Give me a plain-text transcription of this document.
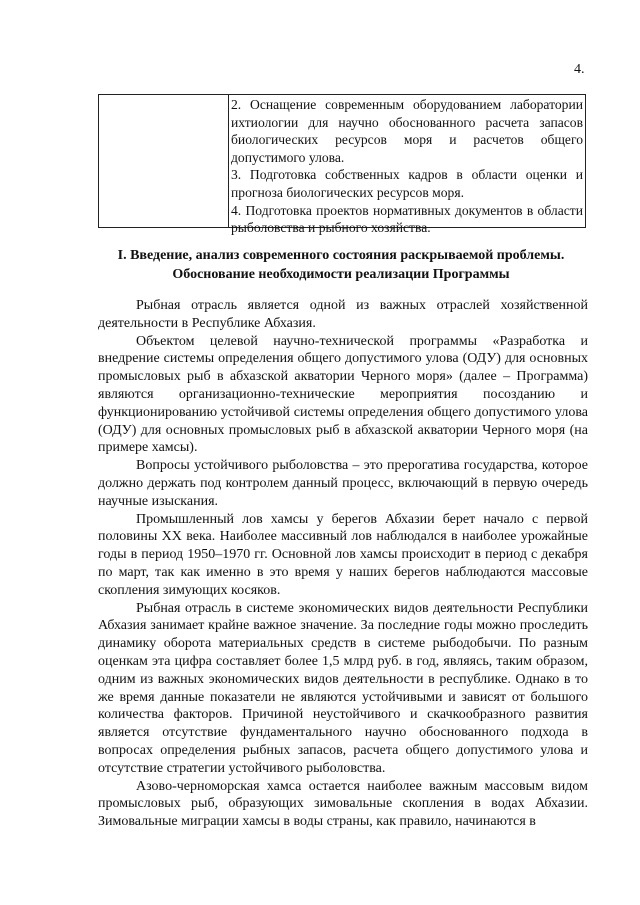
4.

2. Оснащение современным оборудованием лаборатории ихтиологии для научно обоснованного расчета запасов биологических ресурсов моря и расчетов общего допустимого улова.

3. Подготовка собственных кадров в области оценки и прогноза биологических ресурсов моря.

4. Подготовка проектов нормативных документов в области рыболовства и рыбного хозяйства.

I. Введение, анализ современного состояния раскрываемой проблемы.
Обоснование необходимости реализации Программы

Рыбная отрасль является одной из важных отраслей хозяйственной деятельности в Республике Абхазия.

Объектом целевой научно-технической программы «Разработка и внедрение системы определения общего допустимого улова (ОДУ) для основных промысловых рыб в абхазской акватории Черного моря» (далее – Программа) являются организационно-технические мероприятия посозданию и функционированию устойчивой системы определения общего допустимого улова (ОДУ) для основных промысловых рыб в абхазской акватории Черного моря (на примере хамсы).

Вопросы устойчивого рыболовства – это прерогатива государства, которое должно держать под контролем данный процесс, включающий в первую очередь научные изыскания.

Промышленный лов хамсы у берегов Абхазии берет начало с первой половины XX века. Наиболее массивный лов наблюдался в наиболее урожайные годы в период 1950–1970 гг. Основной лов хамсы происходит в период с декабря по март, так как именно в это время у наших берегов наблюдаются массовые скопления зимующих косяков.

Рыбная отрасль в системе экономических видов деятельности Республики Абхазия занимает крайне важное значение. За последние годы можно проследить динамику оборота материальных средств в системе рыбодобычи. По разным оценкам эта цифра составляет более 1,5 млрд руб. в год, являясь, таким образом, одним из важных экономических видов деятельности в республике. Однако в то же время данные показатели не являются устойчивыми и зависят от большого количества факторов. Причиной неустойчивого и скачкообразного развития является отсутствие фундаментального научно обоснованного подхода в вопросах определения рыбных запасов, расчета общего допустимого улова и отсутствие стратегии устойчивого рыболовства.

Азово-черноморская хамса остается наиболее важным массовым видом промысловых рыб, образующих зимовальные скопления в водах Абхазии. Зимовальные миграции хамсы в воды страны, как правило, начинаются в
